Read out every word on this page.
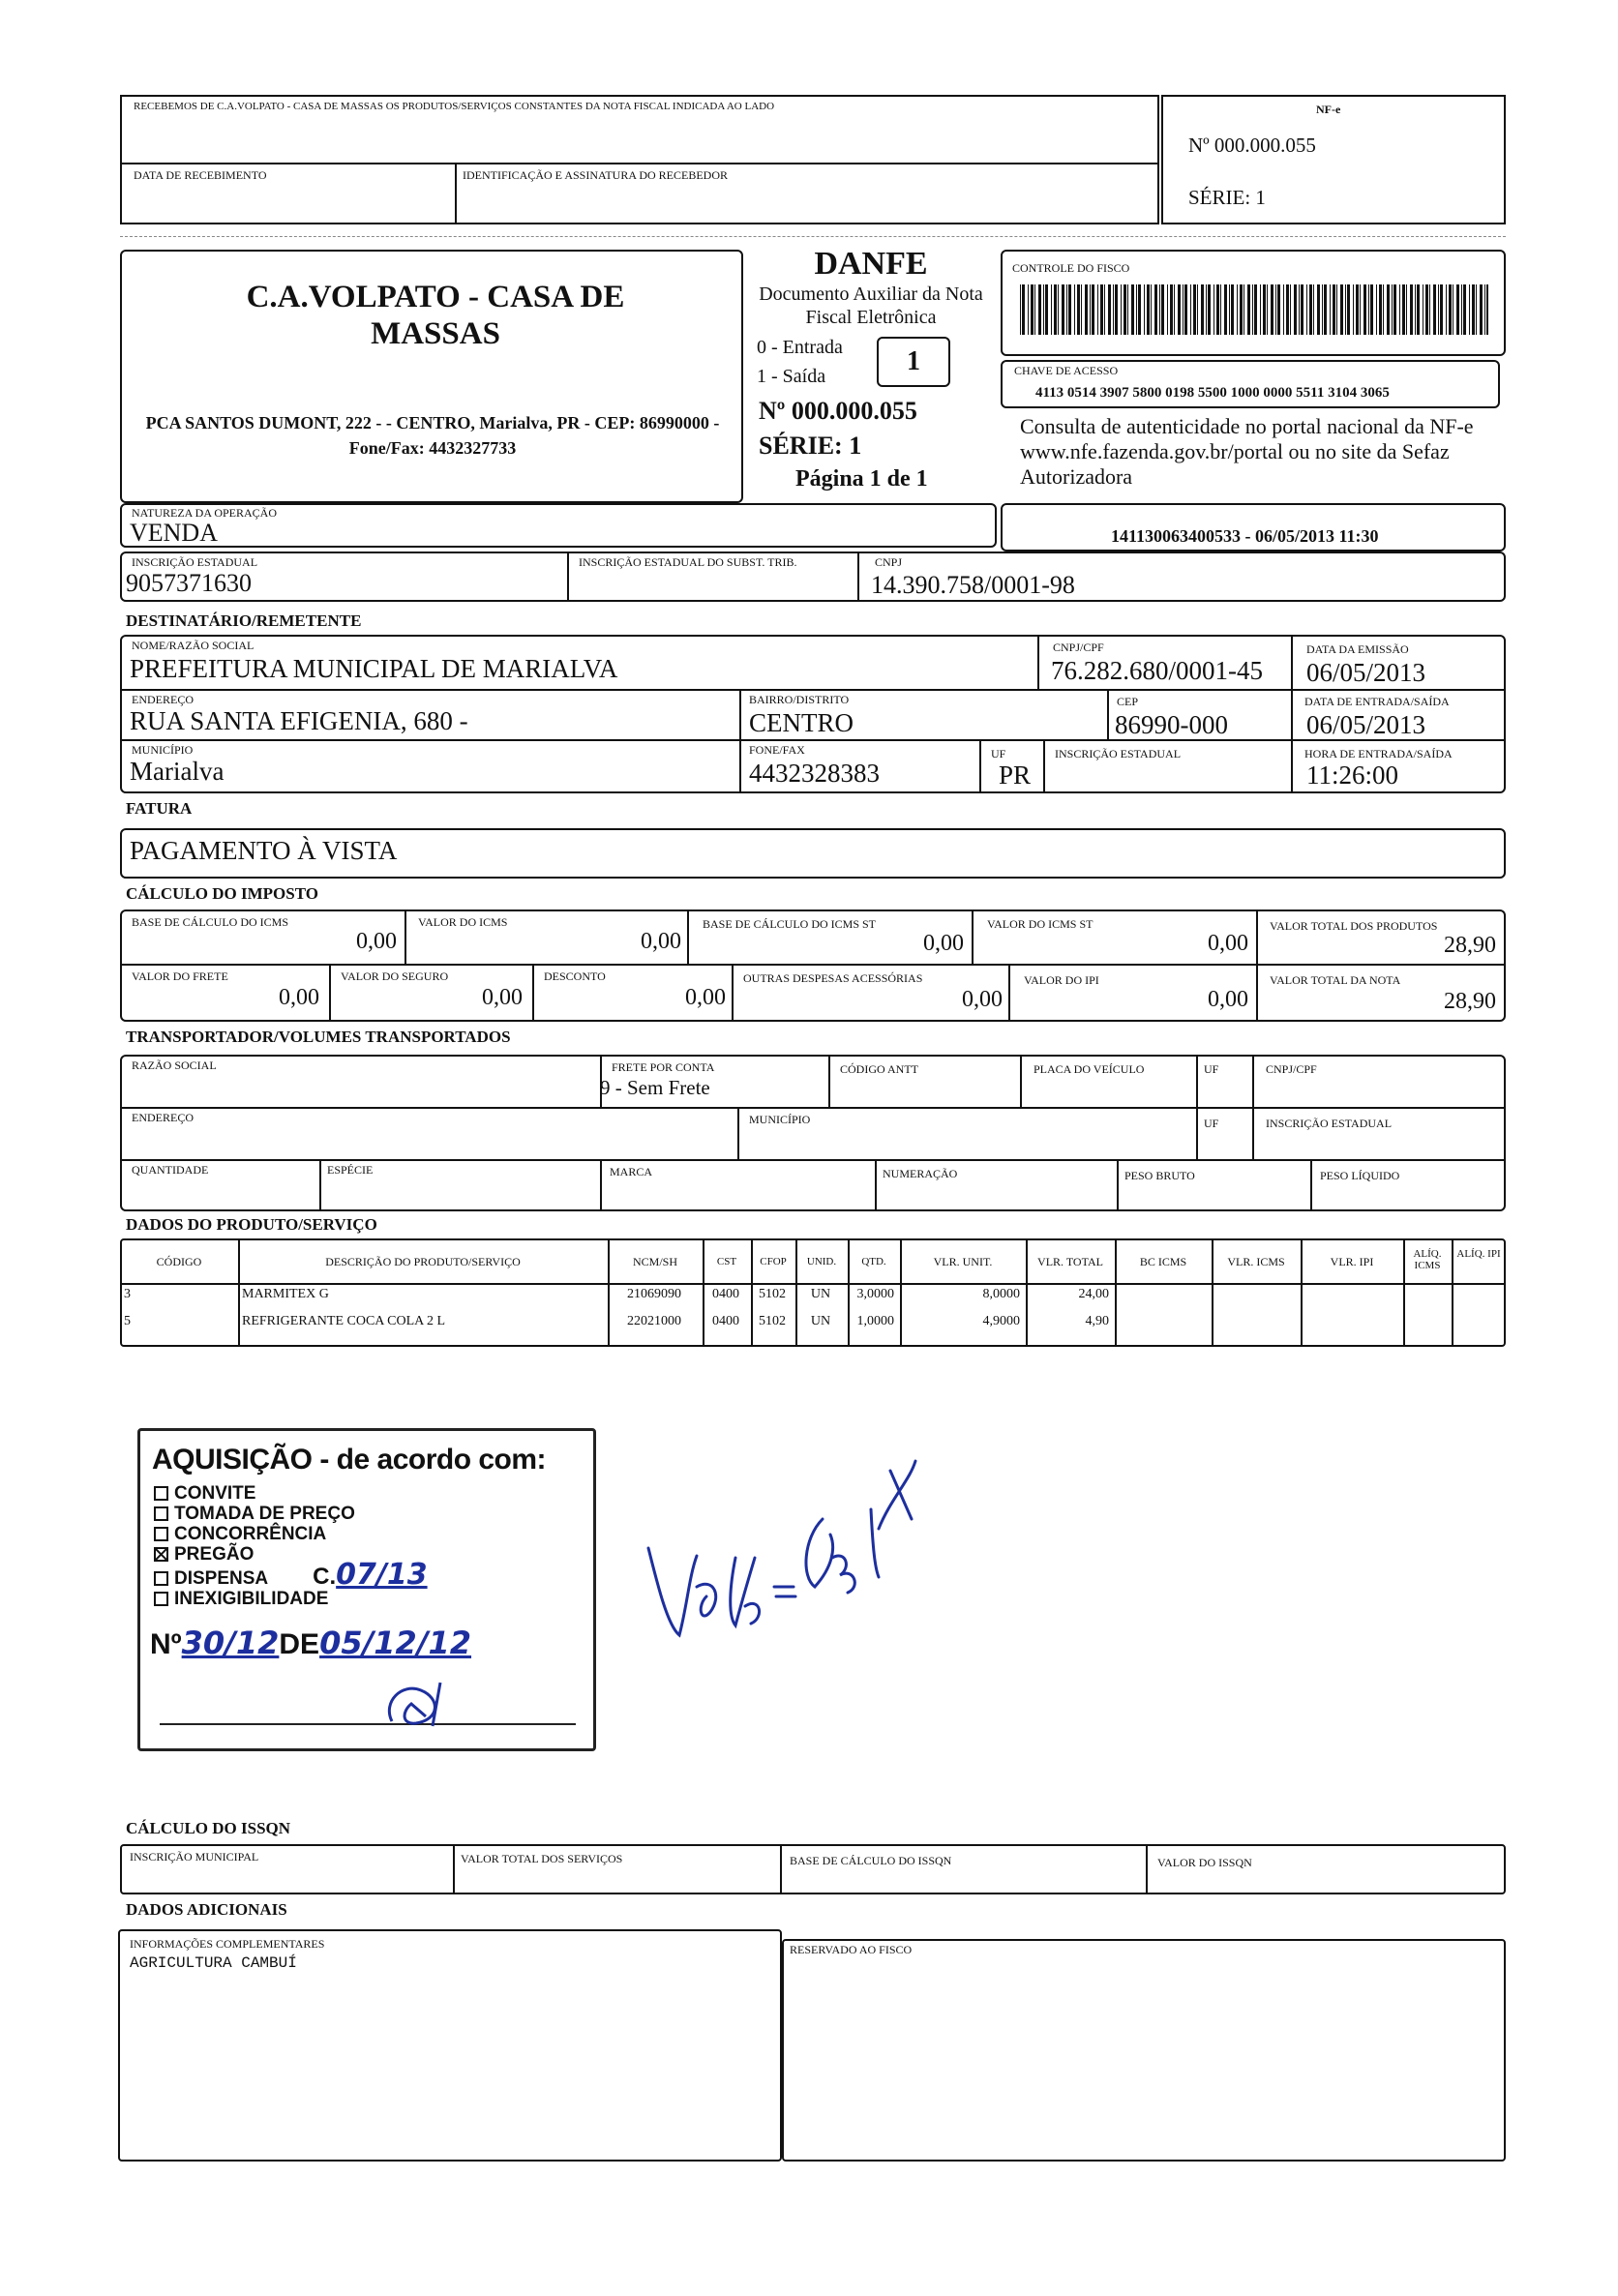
RECEBEMOS DE C.A.VOLPATO - CASA DE MASSAS OS PRODUTOS/SERVIÇOS CONSTANTES DA NOTA FISCAL INDICADA AO LADO
DATA DE RECEBIMENTO	IDENTIFICAÇÃO E ASSINATURA DO RECEBEDOR
NF-e
Nº 000.000.055
SÉRIE: 1
C.A.VOLPATO - CASA DE MASSAS
PCA SANTOS DUMONT, 222 - - CENTRO, Marialva, PR - CEP: 86990000 - Fone/Fax: 4432327733
DANFE
Documento Auxiliar da Nota Fiscal Eletrônica
0 - Entrada
1 - Saída	1
Nº 000.000.055
SÉRIE: 1
Página 1 de 1
CONTROLE DO FISCO
CHAVE DE ACESSO
4113 0514 3907 5800 0198 5500 1000 0000 5511 3104 3065
Consulta de autenticidade no portal nacional da NF-e www.nfe.fazenda.gov.br/portal ou no site da Sefaz Autorizadora
NATUREZA DA OPERAÇÃO
VENDA	141130063400533 - 06/05/2013 11:30
INSCRIÇÃO ESTADUAL
9057371630
INSCRIÇÃO ESTADUAL DO SUBST. TRIB.	CNPJ
14.390.758/0001-98
DESTINATÁRIO/REMETENTE
NOME/RAZÃO SOCIAL
PREFEITURA MUNICIPAL DE MARIALVA
CNPJ/CPF
76.282.680/0001-45
DATA DA EMISSÃO
06/05/2013
ENDEREÇO
RUA SANTA EFIGENIA, 680 -
BAIRRO/DISTRITO
CENTRO
CEP
86990-000
DATA DE ENTRADA/SAÍDA
06/05/2013
MUNICÍPIO
Marialva
FONE/FAX
4432328383
UF
PR
INSCRIÇÃO ESTADUAL	HORA DE ENTRADA/SAÍDA
11:26:00
FATURA
PAGAMENTO À VISTA
CÁLCULO DO IMPOSTO
BASE DE CÁLCULO DO ICMS
0,00
VALOR DO ICMS
0,00
BASE DE CÁLCULO DO ICMS ST
0,00
VALOR DO ICMS ST
0,00
VALOR TOTAL DOS PRODUTOS
28,90
VALOR DO FRETE
0,00
VALOR DO SEGURO
0,00
DESCONTO
0,00
OUTRAS DESPESAS ACESSÓRIAS
0,00
VALOR DO IPI
0,00
VALOR TOTAL DA NOTA
28,90
TRANSPORTADOR/VOLUMES TRANSPORTADOS
RAZÃO SOCIAL	FRETE POR CONTA
9 - Sem Frete
CÓDIGO ANTT	PLACA DO VEÍCULO	UF	CNPJ/CPF
ENDEREÇO	MUNICÍPIO	UF	INSCRIÇÃO ESTADUAL
QUANTIDADE	ESPÉCIE	MARCA	NUMERAÇÃO	PESO BRUTO	PESO LÍQUIDO
DADOS DO PRODUTO/SERVIÇO
CÓDIGO	DESCRIÇÃO DO PRODUTO/SERVIÇO	NCM/SH	CST	CFOP	UNID.	QTD.	VLR. UNIT.	VLR. TOTAL	BC ICMS	VLR. ICMS	VLR. IPI
ALÍQ. ICMS
ALÍQ. IPI
3	MARMITEX G	21069090	0400	5102	UN	3,0000	8,0000	24,00
5	REFRIGERANTE COCA COLA 2 L	22021000	0400	5102	UN	1,0000	4,9000	4,90
AQUISIÇÃO - de acordo com:
CONVITE
TOMADA DE PREÇO
CONCORRÊNCIA
PREGÃO
DISPENSA C.07/13
INEXIGIBILIDADE
Nº30/12DE05/12/12
CÁLCULO DO ISSQN
INSCRIÇÃO MUNICIPAL	VALOR TOTAL DOS SERVIÇOS	BASE DE CÁLCULO DO ISSQN	VALOR DO ISSQN
DADOS ADICIONAIS
INFORMAÇÕES COMPLEMENTARES
AGRICULTURA CAMBUÍ
RESERVADO AO FISCO
